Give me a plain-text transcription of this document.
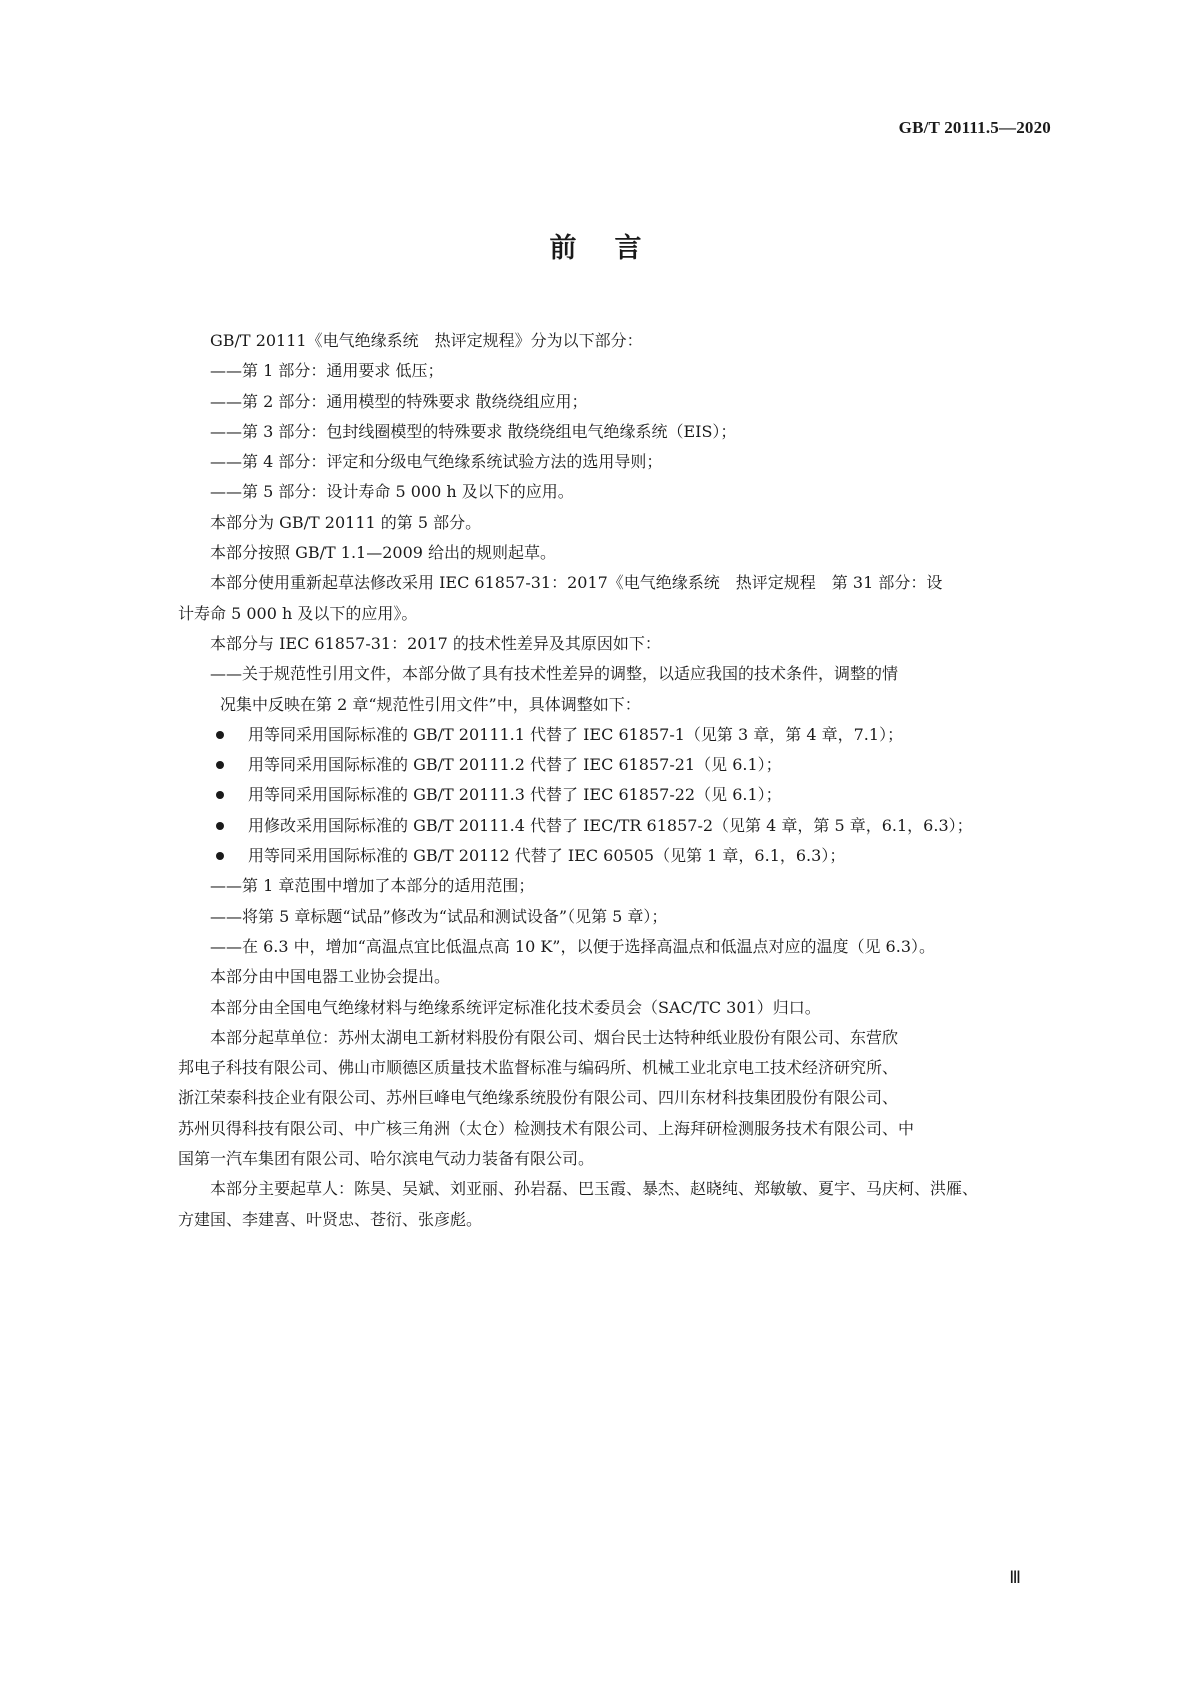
GB/T 20111.5—2020
前言
GB/T 20111《电气绝缘系统　热评定规程》分为以下部分：
——第 1 部分：通用要求 低压；
——第 2 部分：通用模型的特殊要求 散绕绕组应用；
——第 3 部分：包封线圈模型的特殊要求 散绕绕组电气绝缘系统（EIS）；
——第 4 部分：评定和分级电气绝缘系统试验方法的选用导则；
——第 5 部分：设计寿命 5 000 h 及以下的应用。
本部分为 GB/T 20111 的第 5 部分。
本部分按照 GB/T 1.1—2009 给出的规则起草。
本部分使用重新起草法修改采用 IEC 61857-31：2017《电气绝缘系统　热评定规程　第 31 部分：设
计寿命 5 000 h 及以下的应用》。
本部分与 IEC 61857-31：2017 的技术性差异及其原因如下：
——关于规范性引用文件，本部分做了具有技术性差异的调整，以适应我国的技术条件，调整的情
况集中反映在第 2 章“规范性引用文件”中，具体调整如下：
用等同采用国际标准的 GB/T 20111.1 代替了 IEC 61857-1（见第 3 章，第 4 章，7.1）；
用等同采用国际标准的 GB/T 20111.2 代替了 IEC 61857-21（见 6.1）；
用等同采用国际标准的 GB/T 20111.3 代替了 IEC 61857-22（见 6.1）；
用修改采用国际标准的 GB/T 20111.4 代替了 IEC/TR 61857-2（见第 4 章，第 5 章，6.1，6.3）；
用等同采用国际标准的 GB/T 20112 代替了 IEC 60505（见第 1 章，6.1，6.3）；
——第 1 章范围中增加了本部分的适用范围；
——将第 5 章标题“试品”修改为“试品和测试设备”（见第 5 章）；
——在 6.3 中，增加“高温点宜比低温点高 10 K”，以便于选择高温点和低温点对应的温度（见 6.3）。
本部分由中国电器工业协会提出。
本部分由全国电气绝缘材料与绝缘系统评定标准化技术委员会（SAC/TC 301）归口。
本部分起草单位：苏州太湖电工新材料股份有限公司、烟台民士达特种纸业股份有限公司、东营欣
邦电子科技有限公司、佛山市顺德区质量技术监督标准与编码所、机械工业北京电工技术经济研究所、
浙江荣泰科技企业有限公司、苏州巨峰电气绝缘系统股份有限公司、四川东材科技集团股份有限公司、
苏州贝得科技有限公司、中广核三角洲（太仓）检测技术有限公司、上海拜研检测服务技术有限公司、中
国第一汽车集团有限公司、哈尔滨电气动力装备有限公司。
本部分主要起草人：陈昊、吴斌、刘亚丽、孙岩磊、巴玉霞、暴杰、赵晓纯、郑敏敏、夏宇、马庆柯、洪雁、
方建国、李建喜、叶贤忠、苍衍、张彦彪。
Ⅲ
